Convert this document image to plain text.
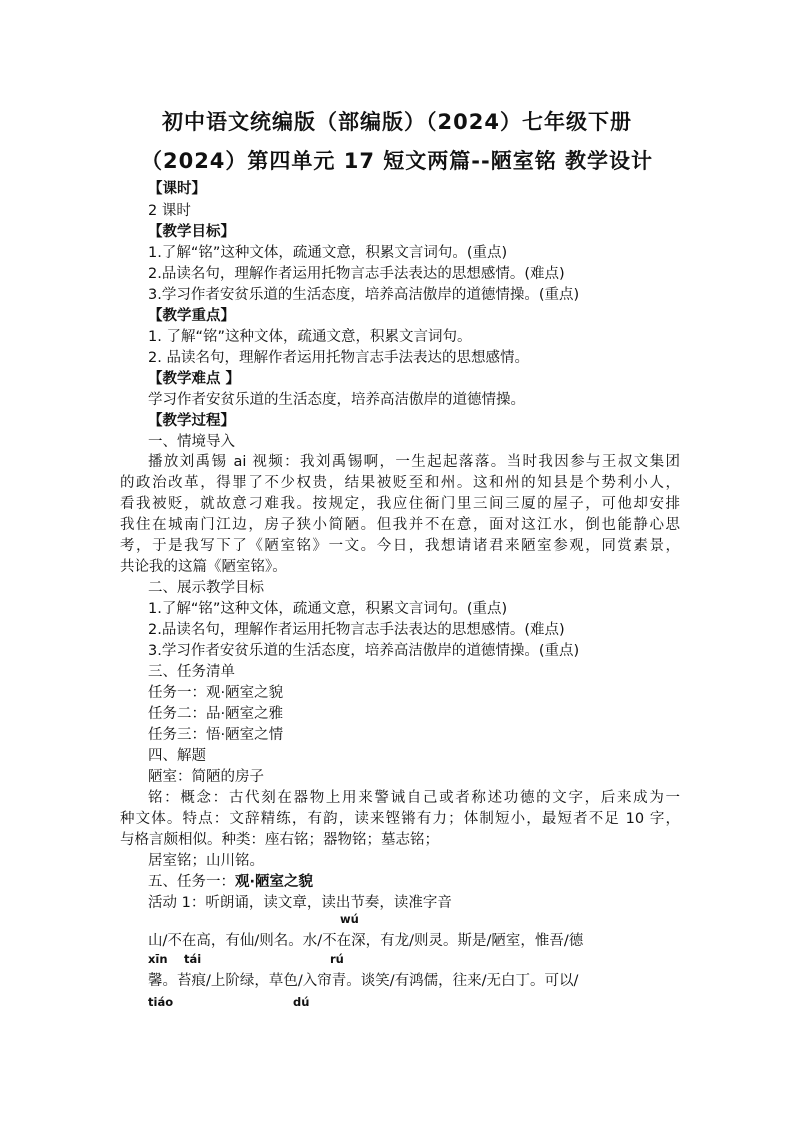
初中语文统编版（部编版）（2024）七年级下册
（2024）第四单元 17 短文两篇--陋室铭 教学设计
【课时】
2 课时
【教学目标】
1.了解“铭”这种文体，疏通文意，积累文言词句。(重点)
2.品读名句，理解作者运用托物言志手法表达的思想感情。(难点)
3.学习作者安贫乐道的生活态度，培养高洁傲岸的道德情操。(重点)
【教学重点】
1. 了解“铭”这种文体，疏通文意，积累文言词句。
2. 品读名句，理解作者运用托物言志手法表达的思想感情。
【教学难点 】
学习作者安贫乐道的生活态度，培养高洁傲岸的道德情操。
【教学过程】
一、情境导入
播放刘禹锡 ai 视频：我刘禹锡啊，一生起起落落。当时我因参与王叔文集团
的政治改革，得罪了不少权贵，结果被贬至和州。这和州的知县是个势利小人，
看我被贬，就故意刁难我。按规定，我应住衙门里三间三厦的屋子，可他却安排
我住在城南门江边，房子狭小简陋。但我并不在意，面对这江水，倒也能静心思
考，于是我写下了《陋室铭》一文。今日，我想请诸君来陋室参观，同赏素景，
共论我的这篇《陋室铭》。
二、展示教学目标
1.了解“铭”这种文体，疏通文意，积累文言词句。(重点)
2.品读名句，理解作者运用托物言志手法表达的思想感情。(难点)
3.学习作者安贫乐道的生活态度，培养高洁傲岸的道德情操。(重点)
三、任务清单
任务一：观·陋室之貌
任务二：品·陋室之雅
任务三：悟·陋室之情
四、解题
陋室：简陋的房子
铭：概念：古代刻在器物上用来警诫自己或者称述功德的文字，后来成为一
种文体。特点：文辞精练，有韵，读来铿锵有力；体制短小，最短者不足 10 字，
与格言颇相似。种类：座右铭；器物铭；墓志铭；
居室铭；山川铭。
五、任务一：观·陋室之貌
活动 1：听朗诵，读文章，读出节奏，读准字音
wú
山/不在高，有仙/则名。水/不在深，有龙/则灵。斯是/陋室，惟吾/德
xīn tái	rú
馨。苔痕/上阶绿，草色/入帘青。谈笑/有鸿儒，往来/无白丁。可以/
tiáo	dú
